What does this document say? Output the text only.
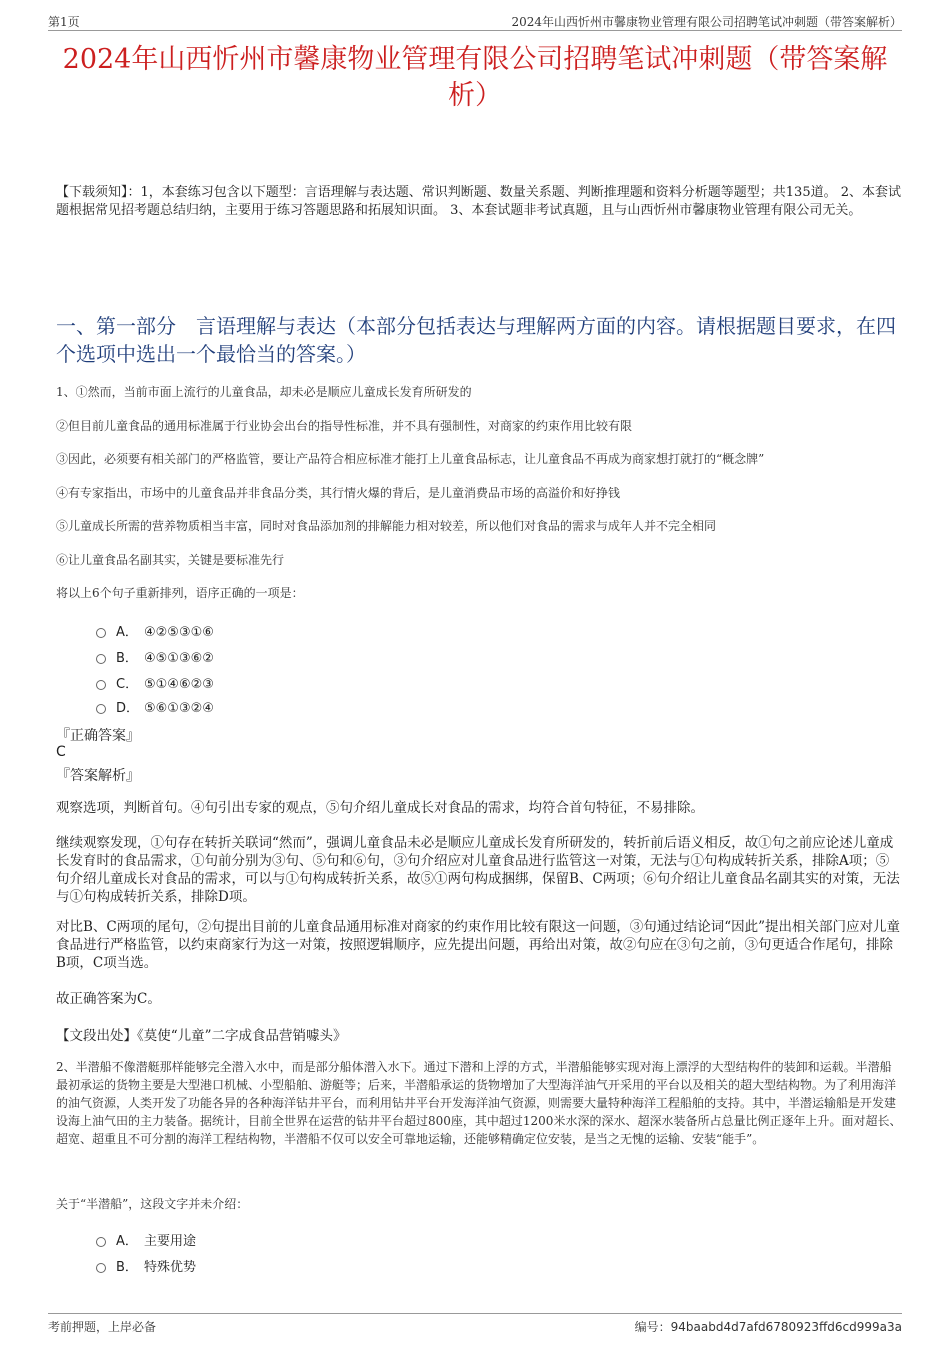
第1页	2024年山西忻州市馨康物业管理有限公司招聘笔试冲刺题（带答案解析）
2024年山西忻州市馨康物业管理有限公司招聘笔试冲刺题（带答案解析）
【下载须知】：1，本套练习包含以下题型：言语理解与表达题、常识判断题、数量关系题、判断推理题和资料分析题等题型；共135道。 2、本套试题根据常见招考题总结归纳，主要用于练习答题思路和拓展知识面。 3、本套试题非考试真题，且与山西忻州市馨康物业管理有限公司无关。
一、第一部分　言语理解与表达（本部分包括表达与理解两方面的内容。请根据题目要求，在四个选项中选出一个最恰当的答案。）
1、①然而，当前市面上流行的儿童食品，却未必是顺应儿童成长发育所研发的
②但目前儿童食品的通用标准属于行业协会出台的指导性标准，并不具有强制性，对商家的约束作用比较有限
③因此，必须要有相关部门的严格监管，要让产品符合相应标准才能打上儿童食品标志，让儿童食品不再成为商家想打就打的“概念牌”
④有专家指出，市场中的儿童食品并非食品分类，其行情火爆的背后，是儿童消费品市场的高溢价和好挣钱
⑤儿童成长所需的营养物质相当丰富，同时对食品添加剂的排解能力相对较差，所以他们对食品的需求与成年人并不完全相同
⑥让儿童食品名副其实，关键是要标准先行
将以上6个句子重新排列，语序正确的一项是：
A． ④②⑤③①⑥
B． ④⑤①③⑥②
C． ⑤①④⑥②③
D． ⑤⑥①③②④
『正确答案』
C
『答案解析』
观察选项，判断首句。④句引出专家的观点，⑤句介绍儿童成长对食品的需求，均符合首句特征，不易排除。
继续观察发现，①句存在转折关联词“然而”，强调儿童食品未必是顺应儿童成长发育所研发的，转折前后语义相反，故①句之前应论述儿童成长发育时的食品需求，①句前分别为③句、⑤句和⑥句，③句介绍应对儿童食品进行监管这一对策，无法与①句构成转折关系，排除A项；⑤句介绍儿童成长对食品的需求，可以与①句构成转折关系，故⑤①两句构成捆绑，保留B、C两项；⑥句介绍让儿童食品名副其实的对策，无法与①句构成转折关系，排除D项。
对比B、C两项的尾句，②句提出目前的儿童食品通用标准对商家的约束作用比较有限这一问题，③句通过结论词“因此”提出相关部门应对儿童食品进行严格监管，以约束商家行为这一对策，按照逻辑顺序，应先提出问题，再给出对策，故②句应在③句之前，③句更适合作尾句，排除B项，C项当选。
故正确答案为C。
【文段出处】《莫使“儿童”二字成食品营销噱头》
2、半潜船不像潜艇那样能够完全潜入水中，而是部分船体潜入水下。通过下潜和上浮的方式，半潜船能够实现对海上漂浮的大型结构件的装卸和运载。半潜船最初承运的货物主要是大型港口机械、小型船舶、游艇等；后来，半潜船承运的货物增加了大型海洋油气开采用的平台以及相关的超大型结构物。为了利用海洋的油气资源，人类开发了功能各异的各种海洋钻井平台，而利用钻井平台开发海洋油气资源，则需要大量特种海洋工程船舶的支持。其中，半潜运输船是开发建设海上油气田的主力装备。据统计，目前全世界在运营的钻井平台超过800座，其中超过1200米水深的深水、超深水装备所占总量比例正逐年上升。面对超长、超宽、超重且不可分割的海洋工程结构物，半潜船不仅可以安全可靠地运输，还能够精确定位安装，是当之无愧的运输、安装“能手”。
关于“半潜船”，这段文字并未介绍：
A． 主要用途
B． 特殊优势
考前押题，上岸必备	编号：94baabd4d7afd6780923ffd6cd999a3a
